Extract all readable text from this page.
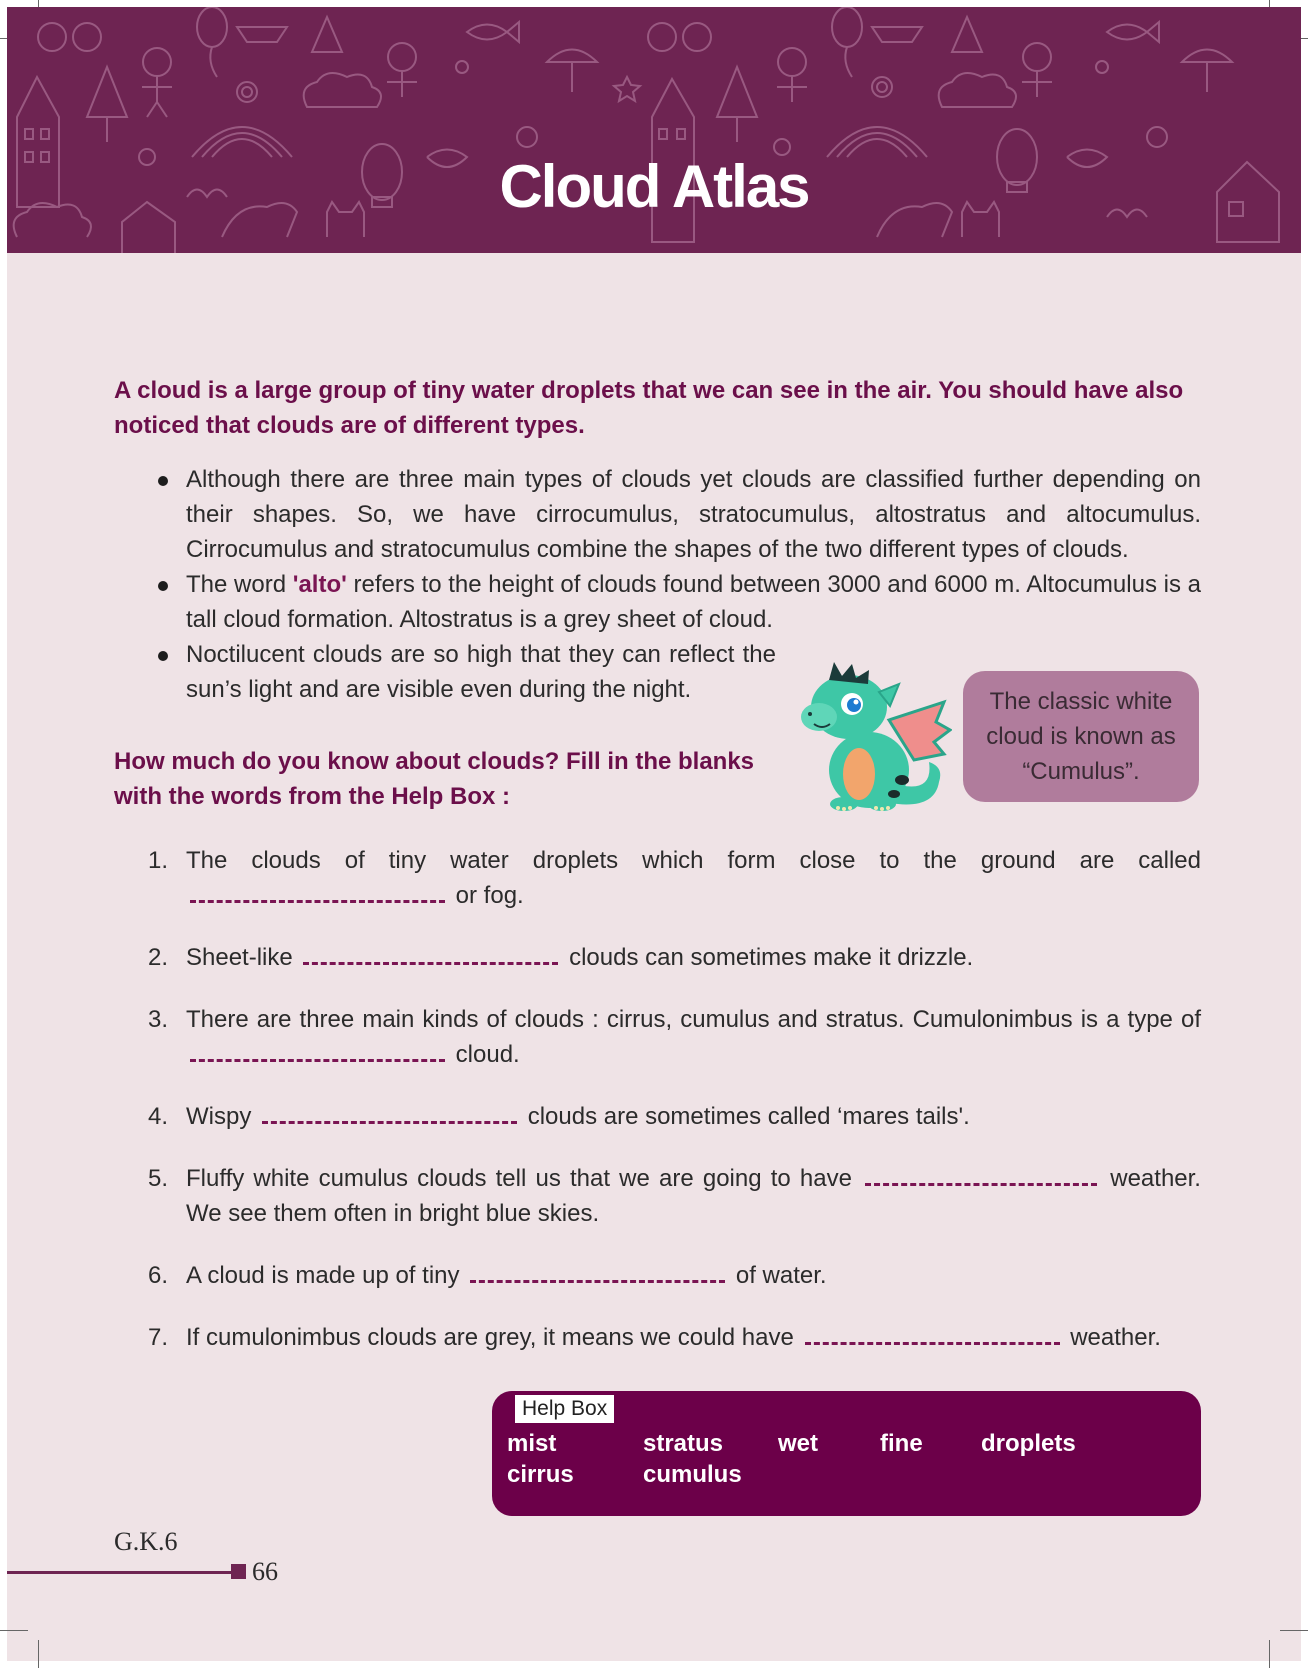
Cloud Atlas

A cloud is a large group of tiny water droplets that we can see in the air. You should have also noticed that clouds are of different types.

Although there are three main types of clouds yet clouds are classified further depending on their shapes. So, we have cirrocumulus, stratocumulus, altostratus and altocumulus. Cirrocumulus and stratocumulus combine the shapes of the two different types of clouds.
The word 'alto' refers to the height of clouds found between 3000 and 6000 m. Altocumulus is a tall cloud formation. Altostratus is a grey sheet of cloud.
Noctilucent clouds are so high that they can reflect the sun’s light and are visible even during the night.	The classic white cloud is known as “Cumulus”.

How much do you know about clouds? Fill in the blanks with the words from the Help Box :

1. The clouds of tiny water droplets which form close to the ground are called  or fog.
2. Sheet-like	clouds can sometimes make it drizzle.
3. There are three main kinds of clouds : cirrus, cumulus and stratus. Cumulonimbus is a type of  cloud.
4. Wispy	clouds are sometimes called ‘mares tails'.
5. Fluffy white cumulus clouds tell us that we are going to have	weather. We see them often in bright blue skies.
6. A cloud is made up of tiny	of water.
7. If cumulonimbus clouds are grey, it means we could have	weather.
Help Box
mist	stratus wet	fine droplets
cirrus	cumulus
G.K.6
66
